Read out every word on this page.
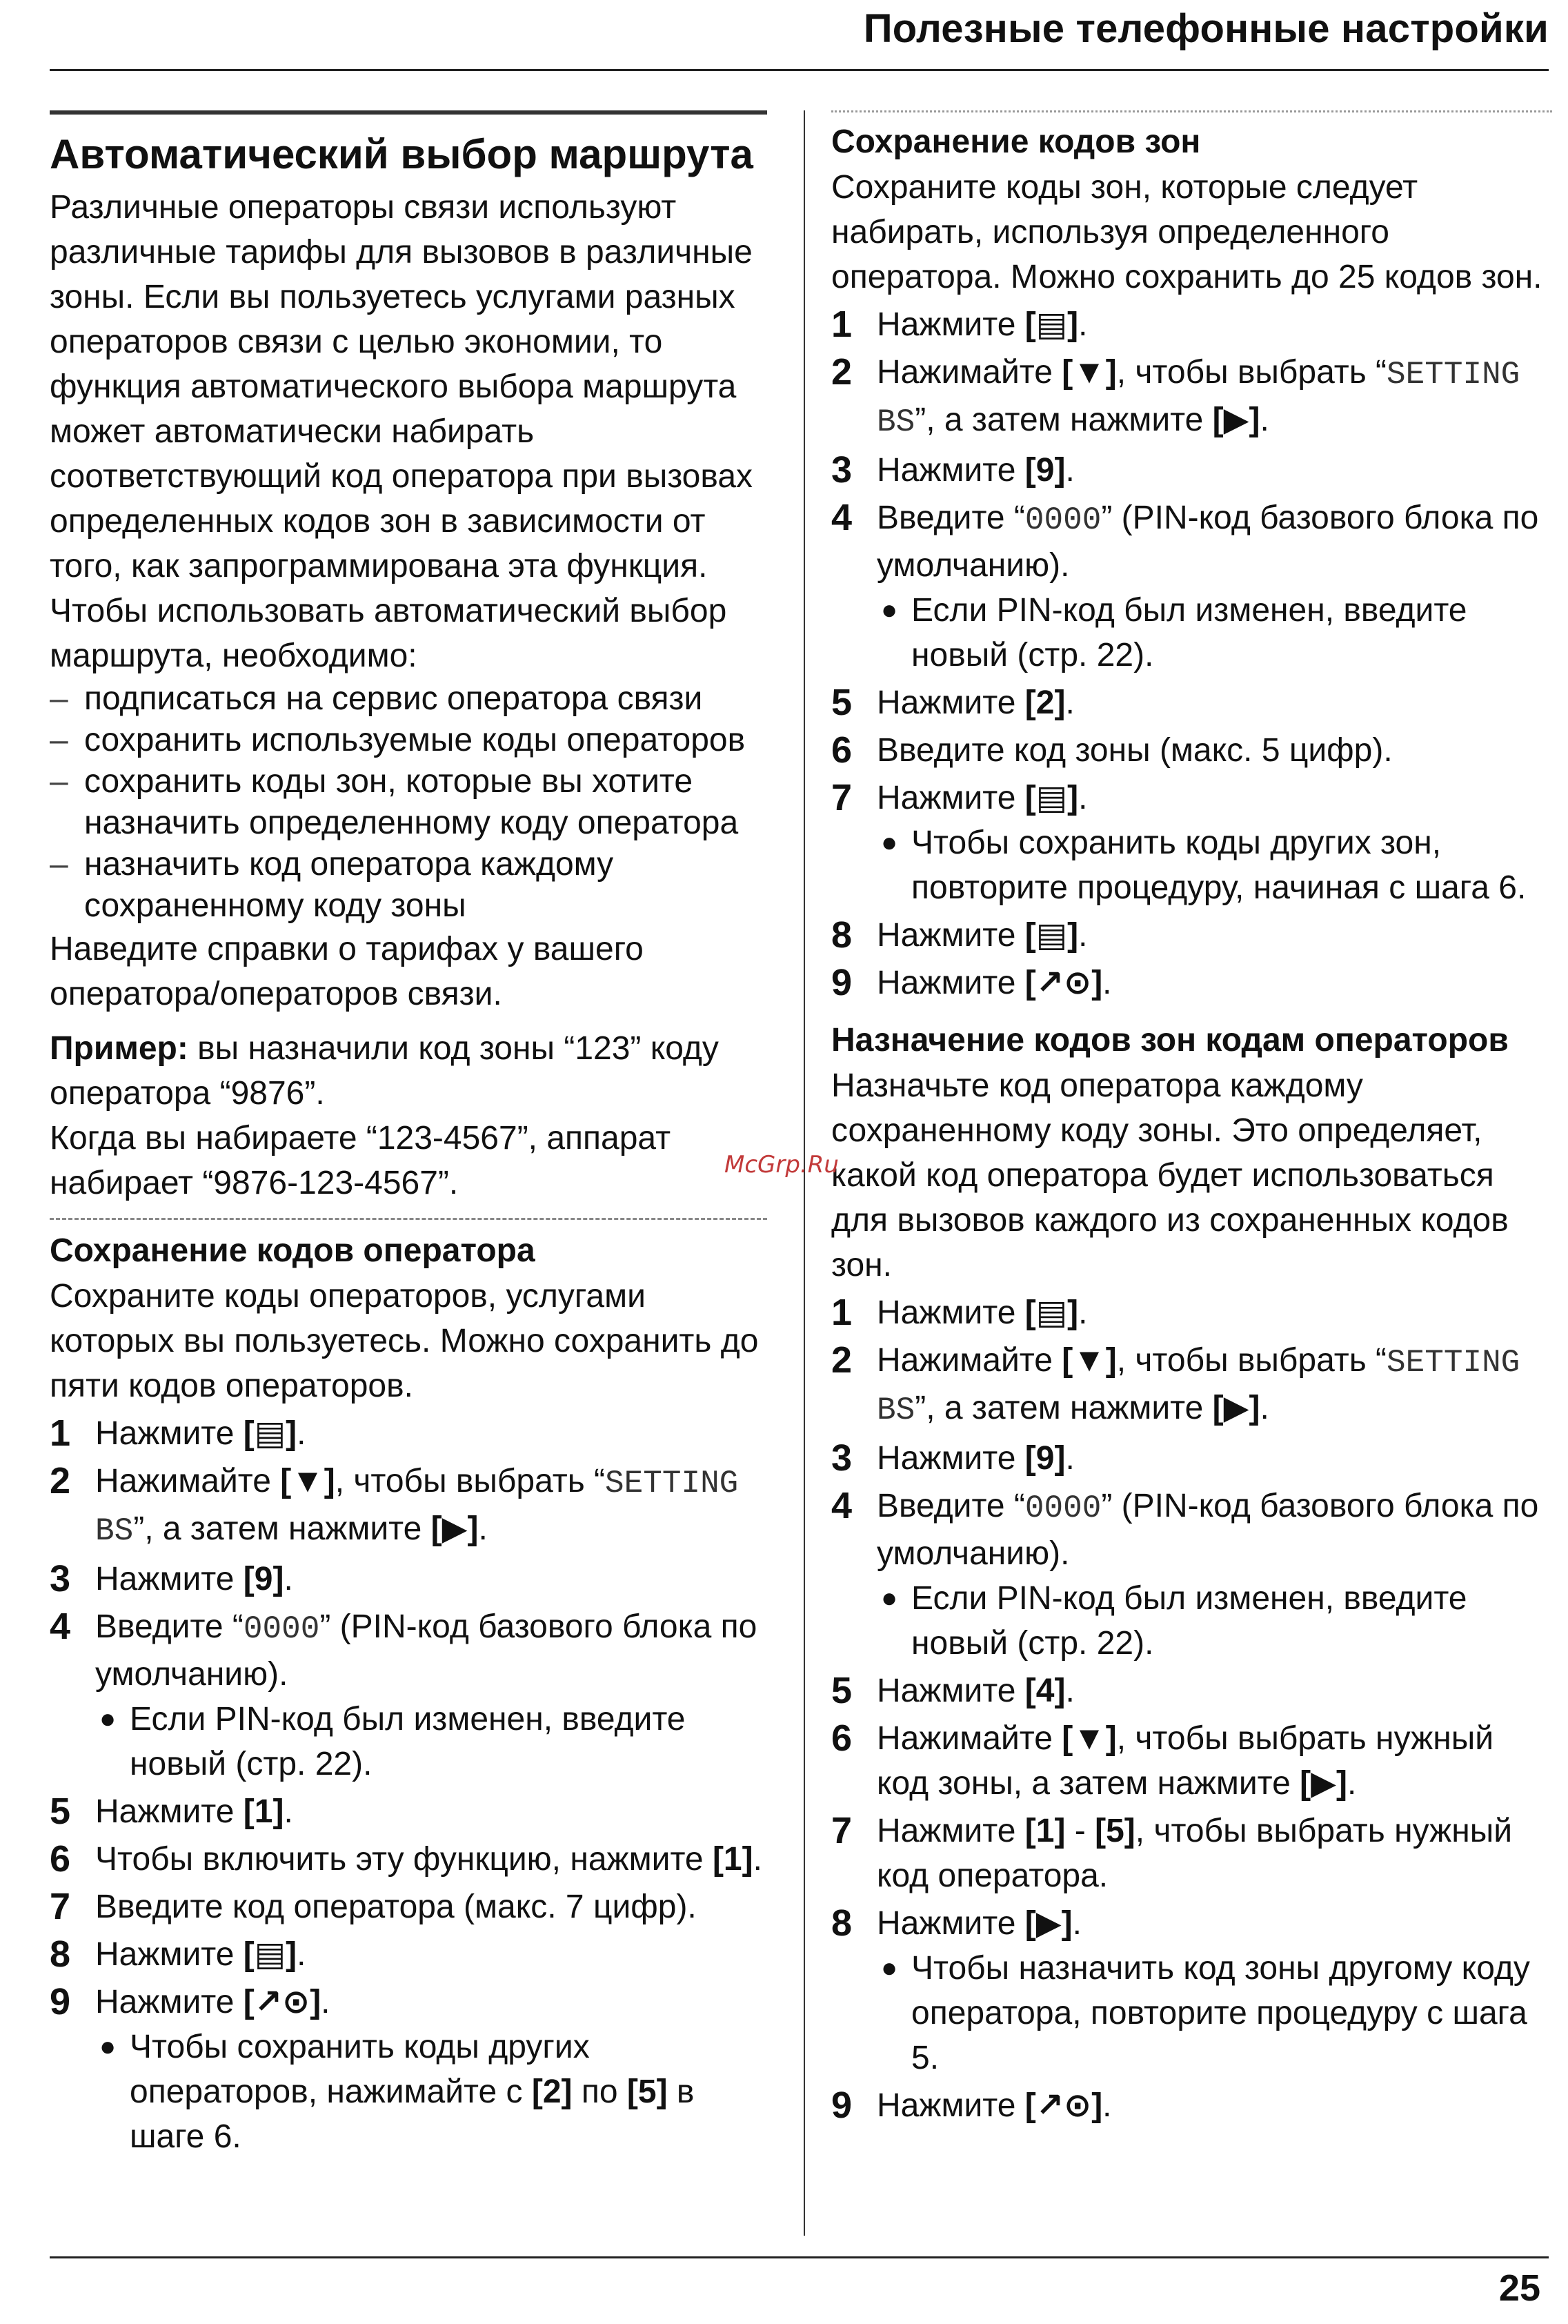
Полезные телефонные настройки
Автоматический выбор маршрута

Различные операторы связи используют различные тарифы для вызовов в различные зоны. Если вы пользуетесь услугами разных операторов связи с целью экономии, то функция автоматического выбора маршрута может автоматически набирать соответствующий код оператора при вызовах определенных кодов зон в зависимости от того, как запрограммирована эта функция.

Чтобы использовать автоматический выбор маршрута, необходимо:

– подписаться на сервис оператора связи
– сохранить используемые коды операторов
– сохранить коды зон, которые вы хотите назначить определенному коду оператора
– назначить код оператора каждому сохраненному коду зоны

Наведите справки о тарифах у вашего оператора/операторов связи.

Пример: вы назначили код зоны “123” коду оператора “9876”.

Когда вы набираете “123-4567”, аппарат набирает “9876-123-4567”.

Сохранение кодов оператора

Сохраните коды операторов, услугами которых вы пользуетесь. Можно сохранить до пяти кодов операторов.

1 Нажмите [▤].
2 Нажимайте [▼], чтобы выбрать “SETTING BS”, а затем нажмите [▶].
3 Нажмите [9].
4 Введите “0000” (PIN-код базового блока по умолчанию).
● Если PIN-код был изменен, введите новый (стр. 22).
5 Нажмите [1].
6 Чтобы включить эту функцию, нажмите [1].
7 Введите код оператора (макс. 7 цифр).
8 Нажмите [▤].
9 Нажмите [↗⊙].
● Чтобы сохранить коды других операторов, нажимайте с [2] по [5] в шаге 6.
Сохранение кодов зон

Сохраните коды зон, которые следует набирать, используя определенного оператора. Можно сохранить до 25 кодов зон.

1 Нажмите [▤].
2 Нажимайте [▼], чтобы выбрать “SETTING BS”, а затем нажмите [▶].
3 Нажмите [9].
4 Введите “0000” (PIN-код базового блока по умолчанию).
● Если PIN-код был изменен, введите новый (стр. 22).
5 Нажмите [2].
6 Введите код зоны (макс. 5 цифр).
7 Нажмите [▤].
● Чтобы сохранить коды других зон, повторите процедуру, начиная с шага 6.
8 Нажмите [▤].
9 Нажмите [↗⊙].
Назначение кодов зон кодам операторов

Назначьте код оператора каждому сохраненному коду зоны. Это определяет, какой код оператора будет использоваться для вызовов каждого из сохраненных кодов зон.

1 Нажмите [▤].
2 Нажимайте [▼], чтобы выбрать “SETTING BS”, а затем нажмите [▶].
3 Нажмите [9].
4 Введите “0000” (PIN-код базового блока по умолчанию).
● Если PIN-код был изменен, введите новый (стр. 22).
5 Нажмите [4].
6 Нажимайте [▼], чтобы выбрать нужный код зоны, а затем нажмите [▶].
7 Нажмите [1] - [5], чтобы выбрать нужный код оператора.
8 Нажмите [▶].
● Чтобы назначить код зоны другому коду оператора, повторите процедуру с шага 5.
9 Нажмите [↗⊙].
McGrp.Ru
25
